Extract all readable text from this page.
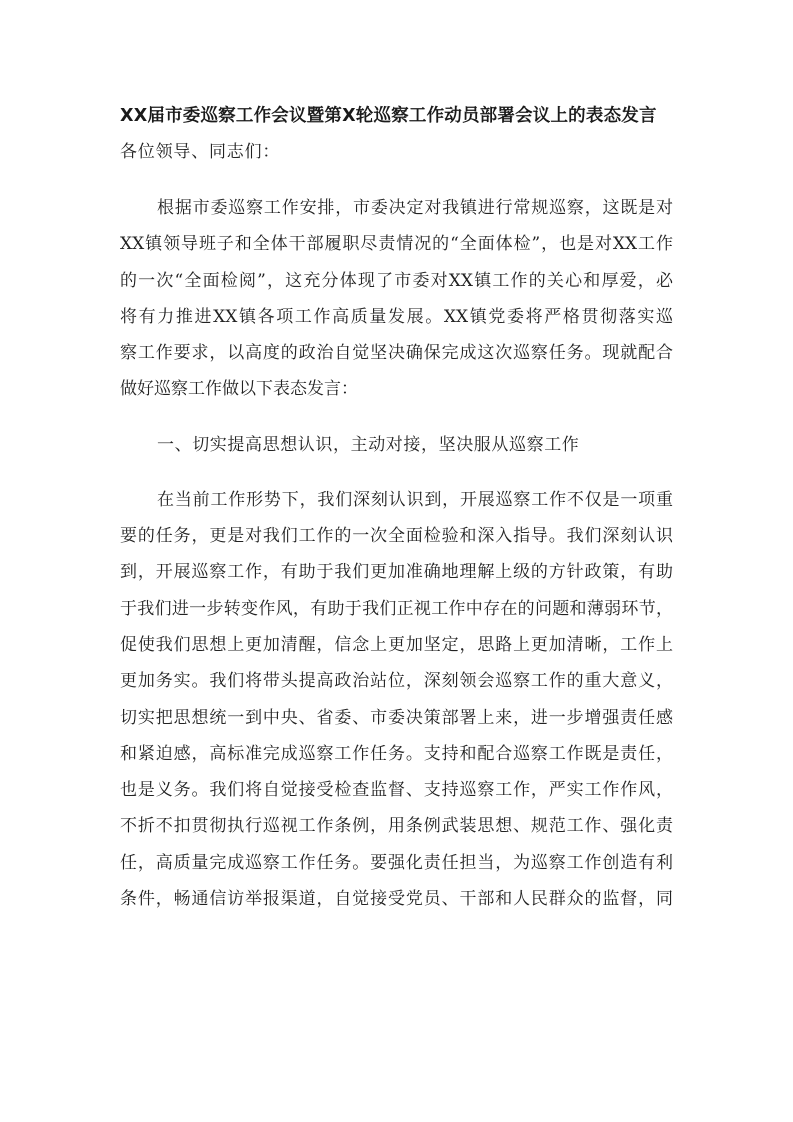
XX届市委巡察工作会议暨第X轮巡察工作动员部署会议上的表态发言

各位领导、同志们：

根据市委巡察工作安排，市委决定对我镇进行常规巡察，这既是对
XX镇领导班子和全体干部履职尽责情况的“全面体检”，也是对XX工作
的一次“全面检阅”，这充分体现了市委对XX镇工作的关心和厚爱，必
将有力推进XX镇各项工作高质量发展。XX镇党委将严格贯彻落实巡
察工作要求，以高度的政治自觉坚决确保完成这次巡察任务。现就配合
做好巡察工作做以下表态发言：

一、切实提高思想认识，主动对接，坚决服从巡察工作

在当前工作形势下，我们深刻认识到，开展巡察工作不仅是一项重
要的任务，更是对我们工作的一次全面检验和深入指导。我们深刻认识
到，开展巡察工作，有助于我们更加准确地理解上级的方针政策，有助
于我们进一步转变作风，有助于我们正视工作中存在的问题和薄弱环节，
促使我们思想上更加清醒，信念上更加坚定，思路上更加清晰，工作上
更加务实。我们将带头提高政治站位，深刻领会巡察工作的重大意义，
切实把思想统一到中央、省委、市委决策部署上来，进一步增强责任感
和紧迫感，高标准完成巡察工作任务。支持和配合巡察工作既是责任，
也是义务。我们将自觉接受检查监督、支持巡察工作，严实工作作风，
不折不扣贯彻执行巡视工作条例，用条例武装思想、规范工作、强化责
任，高质量完成巡察工作任务。要强化责任担当，为巡察工作创造有利
条件，畅通信访举报渠道，自觉接受党员、干部和人民群众的监督，同
